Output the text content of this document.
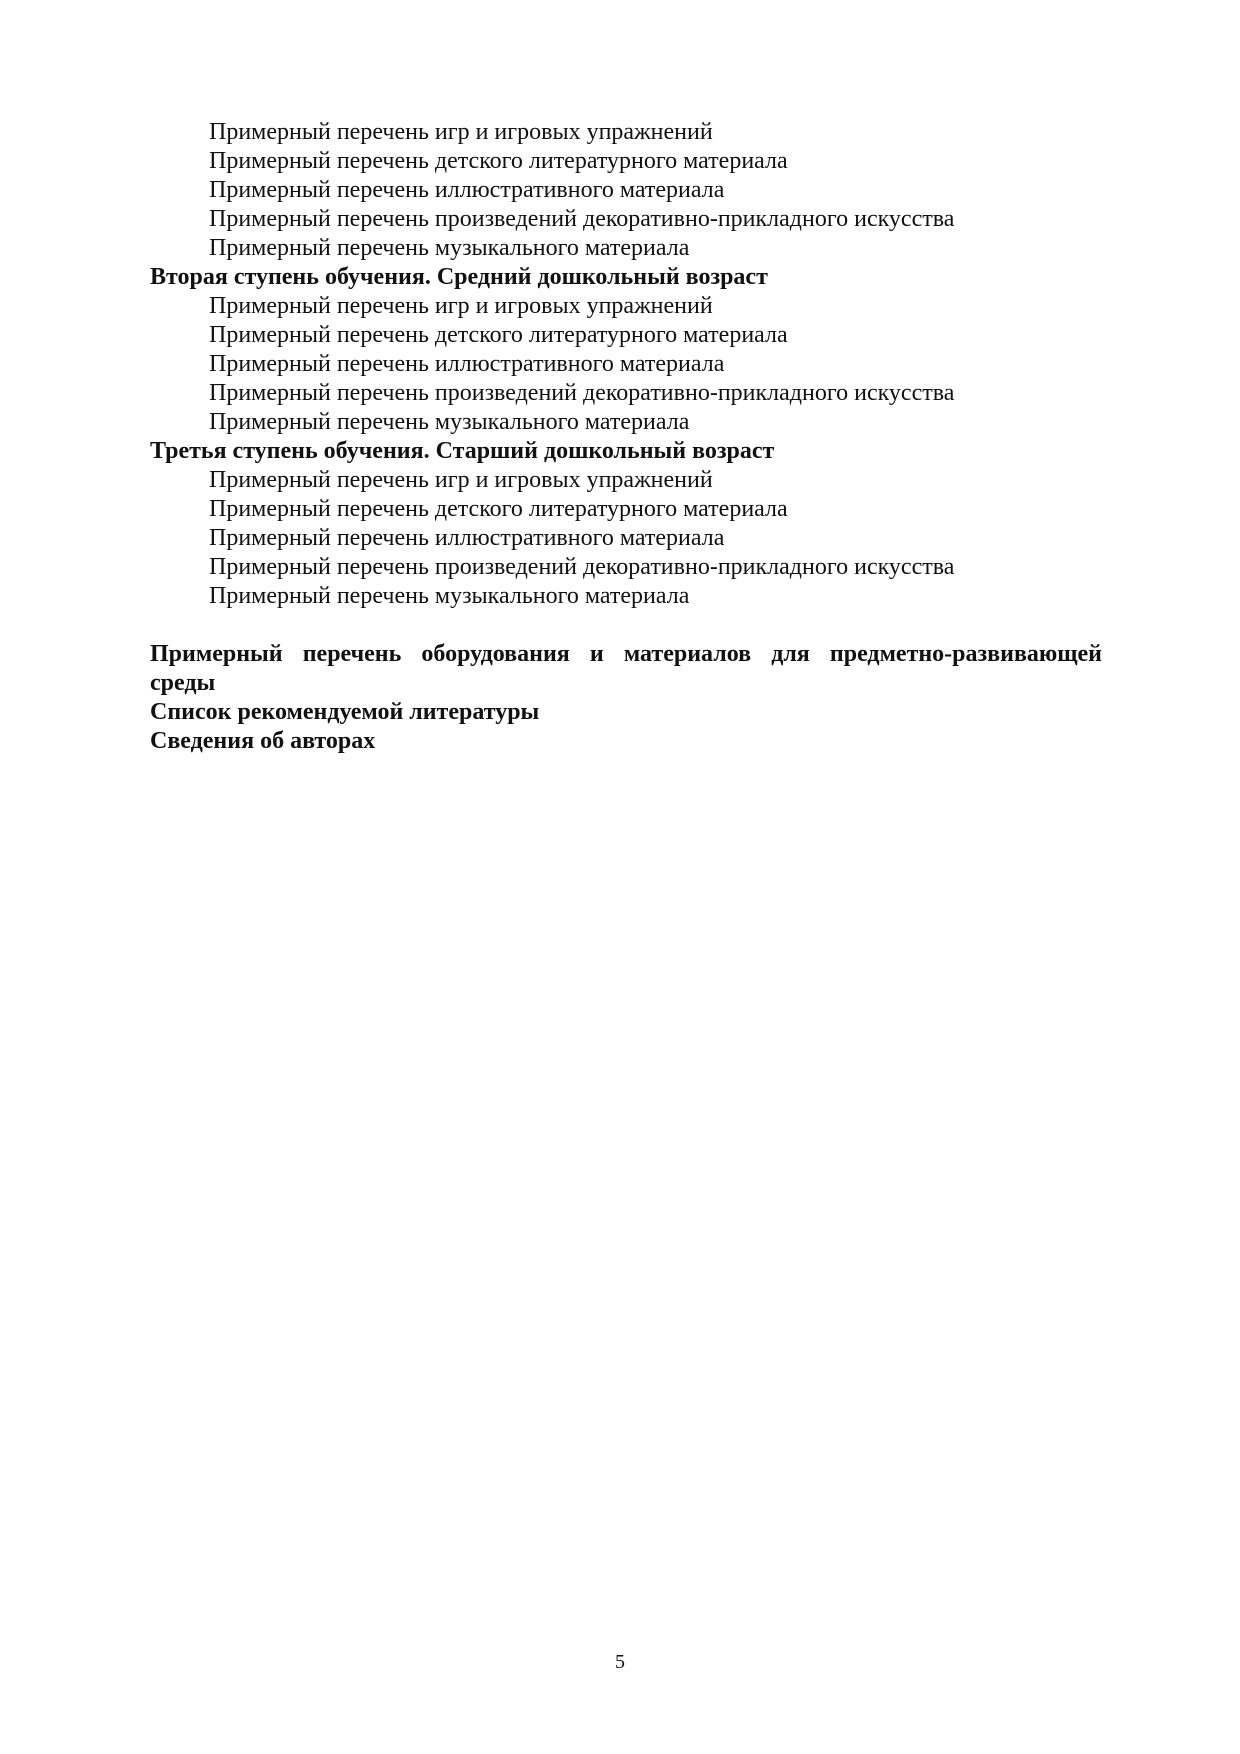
Примерный перечень игр и игровых упражнений
Примерный перечень детского литературного материала
Примерный перечень иллюстративного материала
Примерный перечень произведений декоративно-прикладного искусства
Примерный перечень музыкального материала
Вторая ступень обучения. Средний дошкольный возраст
Примерный перечень игр и игровых упражнений
Примерный перечень детского литературного материала
Примерный перечень иллюстративного материала
Примерный перечень произведений декоративно-прикладного искусства
Примерный перечень музыкального материала
Третья ступень обучения. Старший дошкольный возраст
Примерный перечень игр и игровых упражнений
Примерный перечень детского литературного материала
Примерный перечень иллюстративного материала
Примерный перечень произведений декоративно-прикладного искусства
Примерный перечень музыкального материала
Примерный перечень оборудования и материалов для предметно-развивающей
среды
Список рекомендуемой литературы
Сведения об авторах
5
